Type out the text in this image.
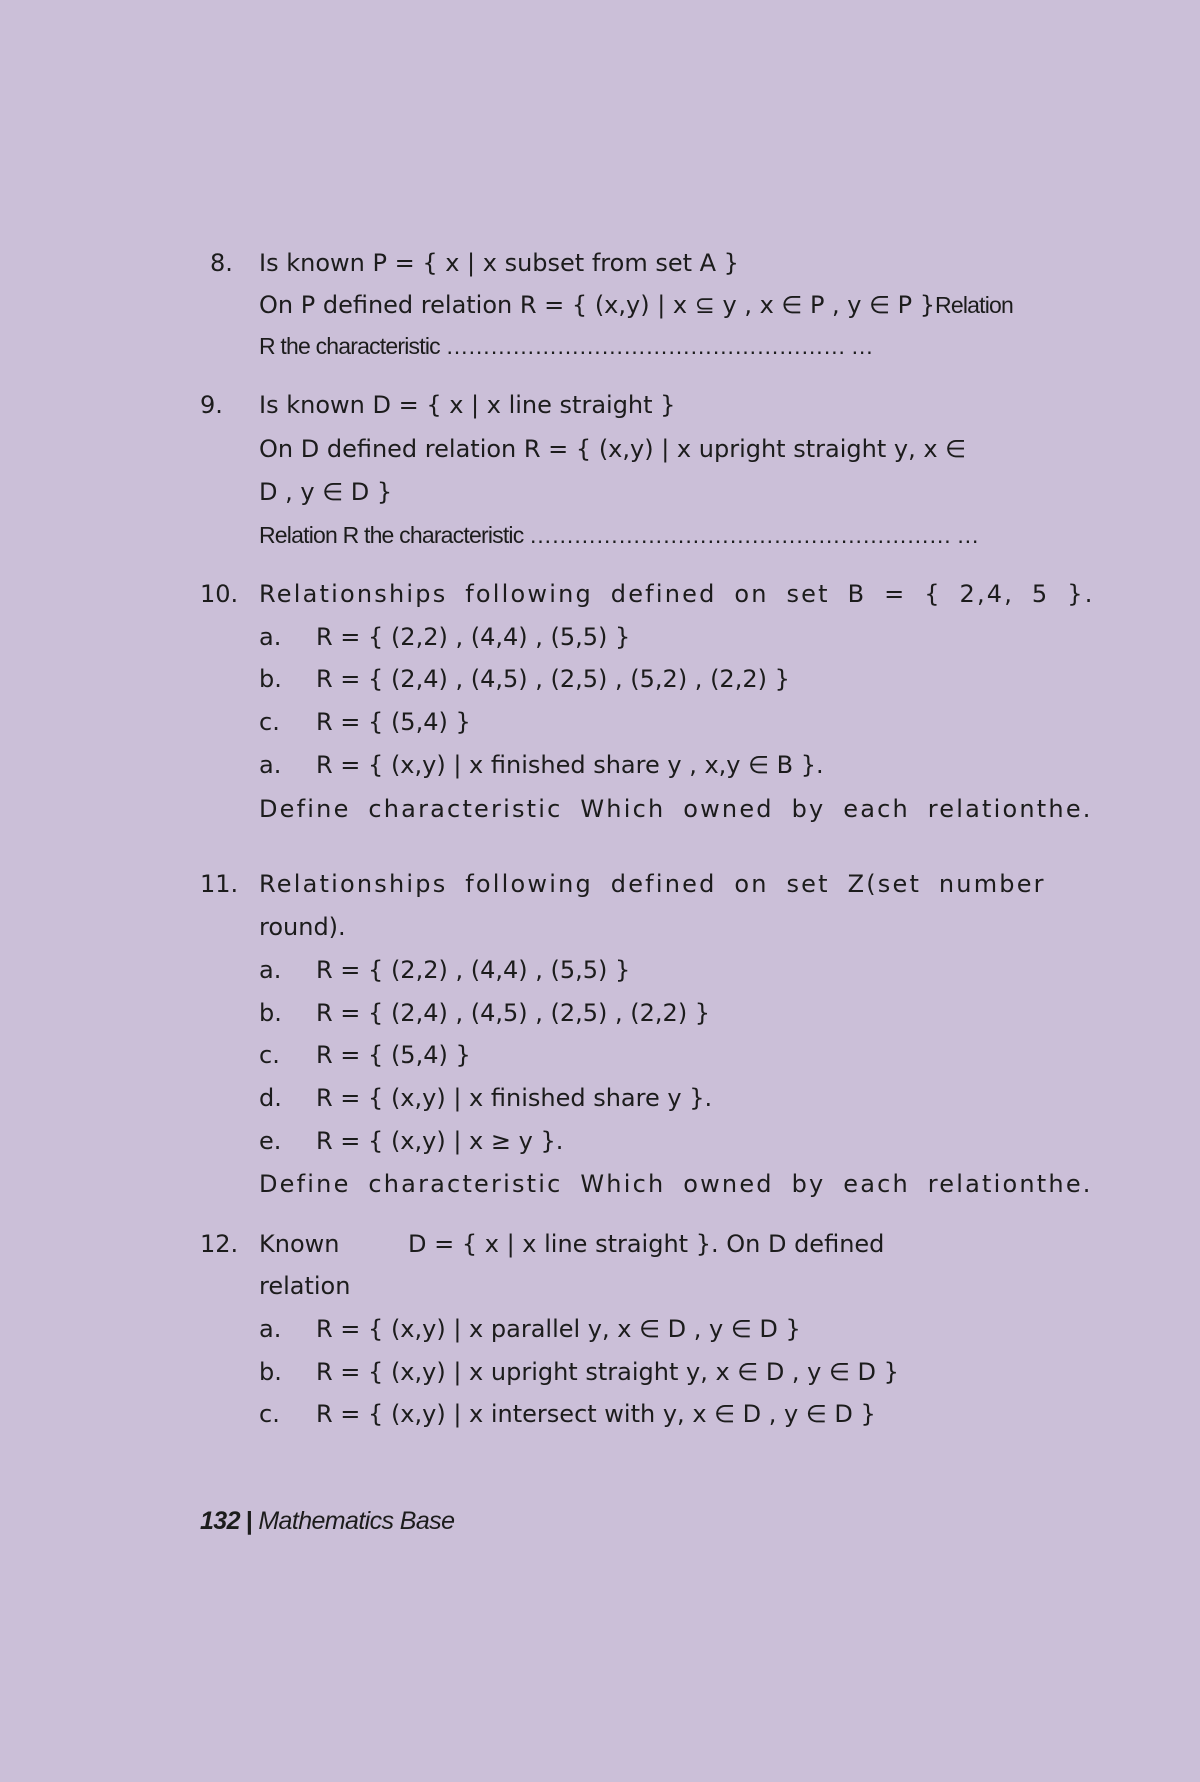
8. Is known P = { x | x subset from set A }
On P defined relation R = { (x,y) | x ⊆ y , x ∈ P , y ∈ P }Relation
R the characteristic ……………………………………………… …
9. Is known D = { x | x line straight }
On D defined relation R = { (x,y) | x upright straight y, x ∈
D , y ∈ D }
Relation R the characteristic ………………………………………………… …
10. Relationships following defined on set B = { 2,4, 5 }.
a. R = { (2,2) , (4,4) , (5,5) }
b. R = { (2,4) , (4,5) , (2,5) , (5,2) , (2,2) }
c. R = { (5,4) }
a. R = { (x,y) | x finished share y , x,y ∈ B }.
Define characteristic Which owned by each relationthe.
11. Relationships following defined on set Z(set number
round).
a. R = { (2,2) , (4,4) , (5,5) }
b. R = { (2,4) , (4,5) , (2,5) , (2,2) }
c. R = { (5,4) }
d. R = { (x,y) | x finished share y }.
e. R = { (x,y) | x ≥ y }.
Define characteristic Which owned by each relationthe.
12. Known	D = { x | x line straight }. On D defined
relation
a. R = { (x,y) | x parallel y, x ∈ D , y ∈ D }
b. R = { (x,y) | x upright straight y, x ∈ D , y ∈ D }
c. R = { (x,y) | x intersect with y, x ∈ D , y ∈ D }
132 | Mathematics Base
